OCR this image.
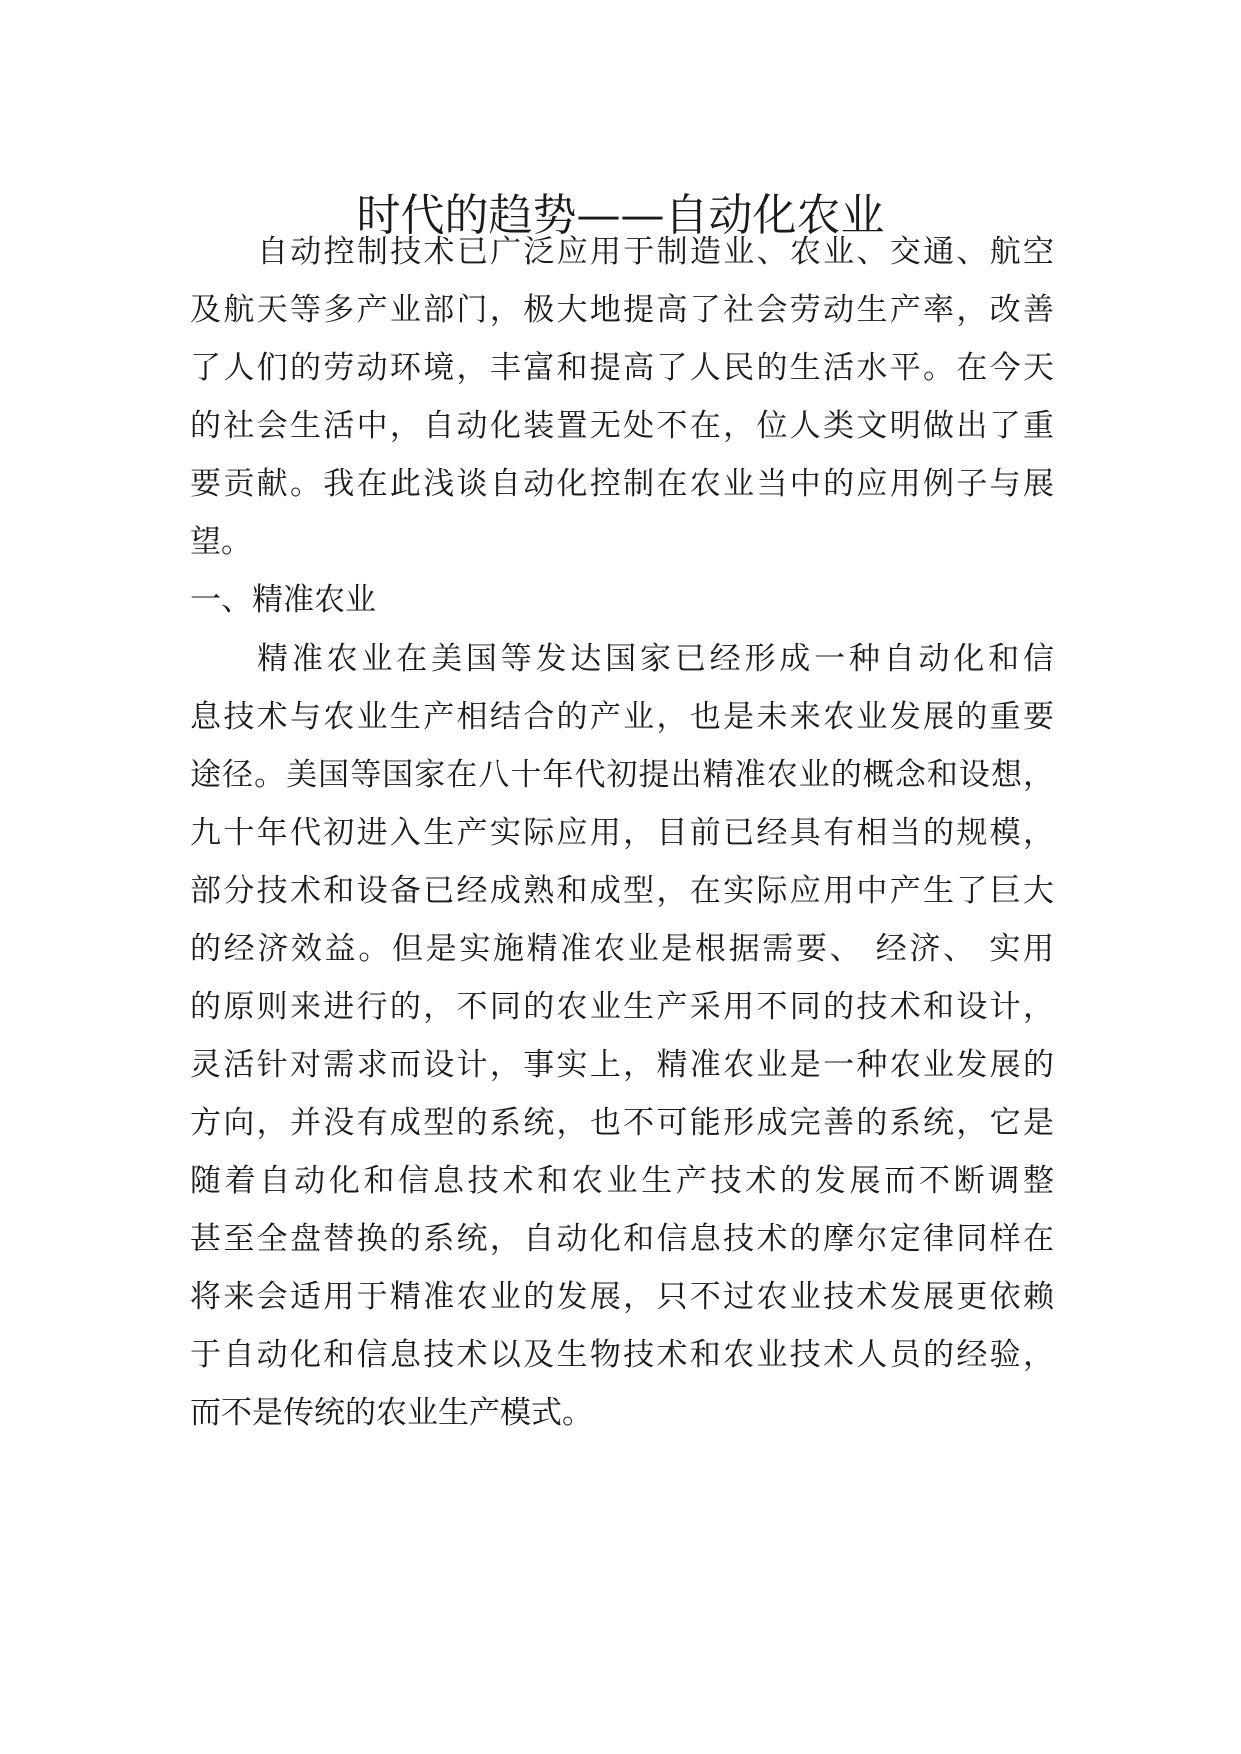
时代的趋势——自动化农业
自动控制技术已广泛应用于制造业、农业、交通、航空
及航天等多产业部门，极大地提高了社会劳动生产率，改善
了人们的劳动环境，丰富和提高了人民的生活水平。在今天
的社会生活中，自动化装置无处不在，位人类文明做出了重
要贡献。我在此浅谈自动化控制在农业当中的应用例子与展
望。
一、精准农业
精准农业在美国等发达国家已经形成一种自动化和信
息技术与农业生产相结合的产业，也是未来农业发展的重要
途径。美国等国家在八十年代初提出精准农业的概念和设想，
九十年代初进入生产实际应用，目前已经具有相当的规模，
部分技术和设备已经成熟和成型，在实际应用中产生了巨大
的经济效益。但是实施精准农业是根据需要、 经济、 实用
的原则来进行的，不同的农业生产采用不同的技术和设计，
灵活针对需求而设计，事实上，精准农业是一种农业发展的
方向，并没有成型的系统，也不可能形成完善的系统，它是
随着自动化和信息技术和农业生产技术的发展而不断调整
甚至全盘替换的系统，自动化和信息技术的摩尔定律同样在
将来会适用于精准农业的发展，只不过农业技术发展更依赖
于自动化和信息技术以及生物技术和农业技术人员的经验，
而不是传统的农业生产模式。
